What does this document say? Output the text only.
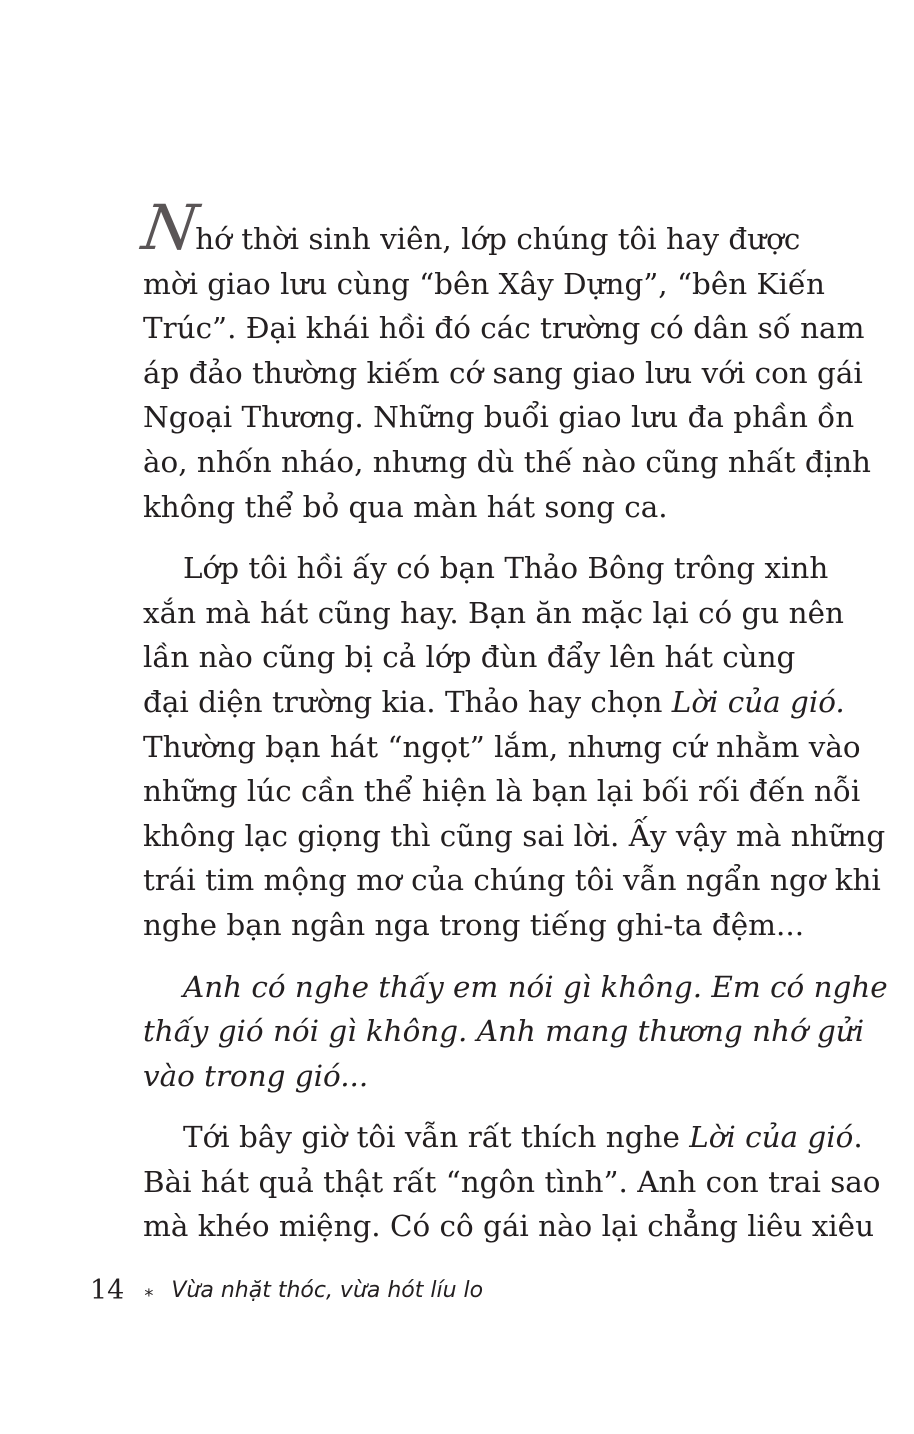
Nhớ thời sinh viên, lớp chúng tôi hay được
mời giao lưu cùng “bên Xây Dựng”, “bên Kiến
Trúc”. Đại khái hồi đó các trường có dân số nam
áp đảo thường kiếm cớ sang giao lưu với con gái
Ngoại Thương. Những buổi giao lưu đa phần ồn
ào, nhốn nháo, nhưng dù thế nào cũng nhất định
không thể bỏ qua màn hát song ca.

Lớp tôi hồi ấy có bạn Thảo Bông trông xinh
xắn mà hát cũng hay. Bạn ăn mặc lại có gu nên
lần nào cũng bị cả lớp đùn đẩy lên hát cùng
đại diện trường kia. Thảo hay chọn Lời của gió.
Thường bạn hát “ngọt” lắm, nhưng cứ nhằm vào
những lúc cần thể hiện là bạn lại bối rối đến nỗi
không lạc giọng thì cũng sai lời. Ấy vậy mà những
trái tim mộng mơ của chúng tôi vẫn ngẩn ngơ khi
nghe bạn ngân nga trong tiếng ghi-ta đệm...

Anh có nghe thấy em nói gì không. Em có nghe
thấy gió nói gì không. Anh mang thương nhớ gửi
vào trong gió...

Tới bây giờ tôi vẫn rất thích nghe Lời của gió.
Bài hát quả thật rất “ngôn tình”. Anh con trai sao
mà khéo miệng. Có cô gái nào lại chẳng liêu xiêu

14 ⁎ Vừa nhặt thóc, vừa hót líu lo
